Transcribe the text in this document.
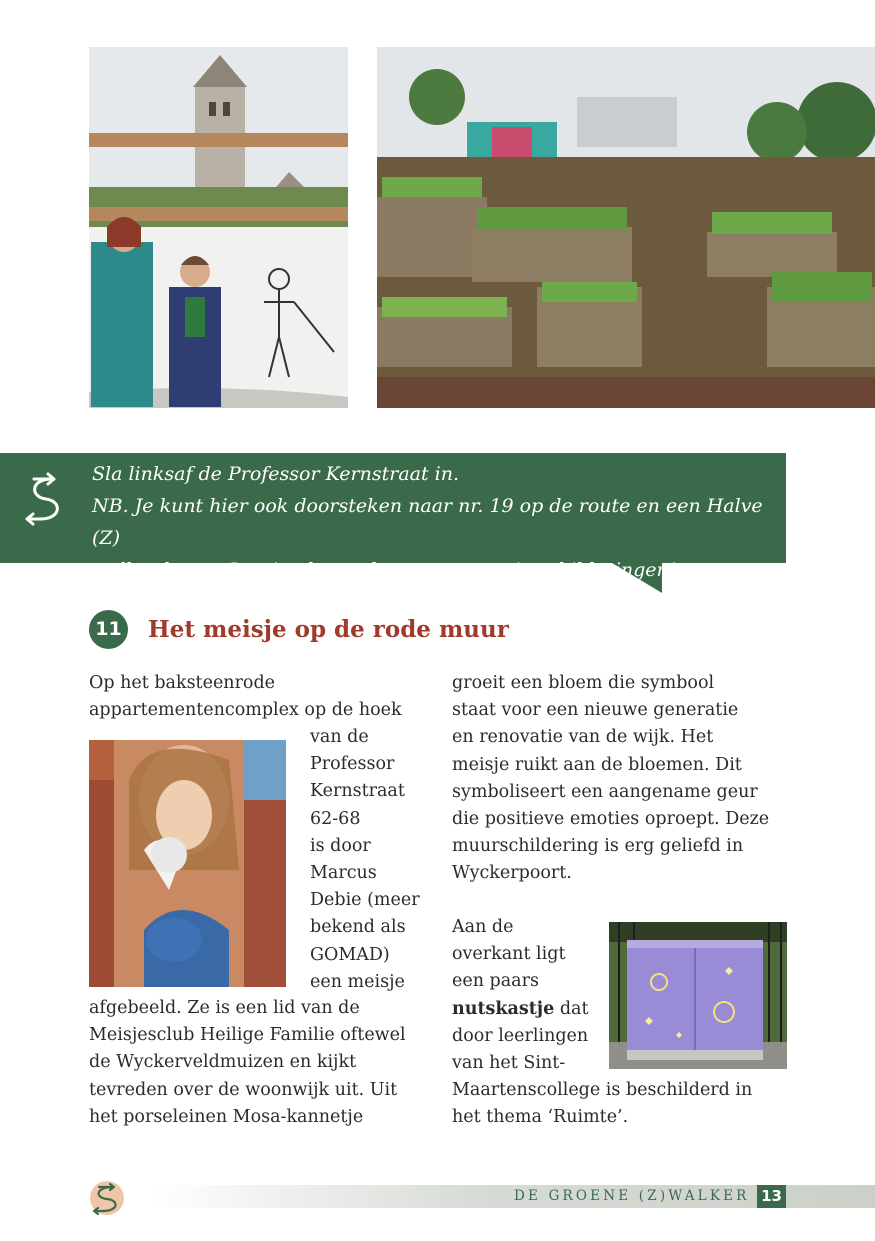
Sla linksaf de Professor Kernstraat in.
NB. Je kunt hier ook doorsteken naar nr. 19 op de route en een Halve (Z)
walker lopen. Je mist dan wel een paar mooie schilderingen!
11 Het meisje op de rode muur
Op het baksteenrode
appartementencomplex op de hoek
van de
Professor
Kernstraat
62-68
is door
Marcus
Debie (meer
bekend als
GOMAD)
een meisje
afgebeeld. Ze is een lid van de
Meisjesclub Heilige Familie oftewel
de Wyckerveldmuizen en kijkt
tevreden over de woonwijk uit. Uit
het porseleinen Mosa-kannetje
groeit een bloem die symbool
staat voor een nieuwe generatie
en renovatie van de wijk. Het
meisje ruikt aan de bloemen. Dit
symboliseert een aangename geur
die positieve emoties oproept. Deze
muurschildering is erg geliefd in
Wyckerpoort.
Aan de
overkant ligt
een paars
nutskastje dat
door leerlingen
van het Sint-
Maartenscollege is beschilderd in
het thema ‘Ruimte’.
DE GROENE (Z)WALKER 13
